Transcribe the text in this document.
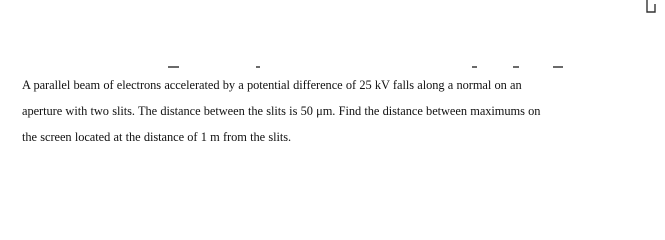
A parallel beam of electrons accelerated by a potential difference of 25 kV falls along a normal on an

aperture with two slits. The distance between the slits is 50 μm. Find the distance between maximums on

the screen located at the distance of 1 m from the slits.
